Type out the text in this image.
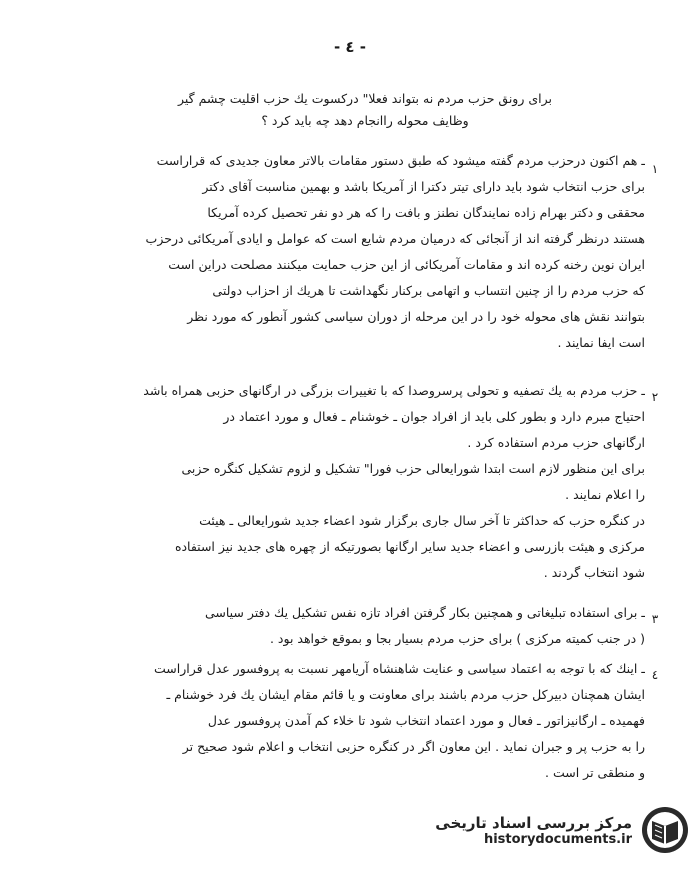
- ٤ -
برای رونق حزب مردم نه بتواند فعلا" درکسوت یك حزب اقلیت چشم گیر
وظایف محوله راانجام دهد چه باید کرد ؟
١
ـ هم اکنون درحزب مردم گفته میشود که طبق دستور مقامات بالاتر معاون جدیدی که قراراست
برای حزب انتخاب شود باید دارای تیتر دکترا از آمریکا باشد و بهمین مناسبت آقای دکتر
محققی و دکتر بهرام زاده نمایندگان نطنز و بافت را که هر دو نفر تحصیل کرده آمریکا
هستند درنظر گرفته اند از آنجائی که درمیان مردم شایع است که عوامل و ایادی آمریکائی درحزب
ایران نوین رخنه کرده اند و مقامات آمریکائی از این حزب حمایت میکنند مصلحت دراین است
که حزب مردم را از چنین انتساب و اتهامی برکنار نگهداشت تا هریك از احزاب دولتی
بتوانند نقش های محوله خود را در این مرحله از دوران سیاسی کشور آنطور که مورد نظر
است ایفا نمایند .
٢
ـ حزب مردم به یك تصفیه و تحولی پرسروصدا که با تغییرات بزرگی در ارگانهای حزبی همراه باشد
احتیاج مبرم دارد و بطور کلی باید از افراد جوان ـ خوشنام ـ فعال و مورد اعتماد در
ارگانهای حزب مردم استفاده کرد .
برای این منظور لازم است ابتدا شورایعالی حزب فورا" تشکیل و لزوم تشکیل کنگره حزبی
را اعلام نمایند .
در کنگره حزب که حداکثر تا آخر سال جاری برگزار شود اعضاء جدید شورایعالی ـ هیئت
مرکزی و هیئت بازرسی و اعضاء جدید سایر ارگانها بصورتیکه از چهره های جدید نیز استفاده
شود انتخاب گردند .
٣
ـ برای استفاده تبلیغاتی و همچنین بکار گرفتن افراد تازه نفس تشکیل یك دفتر سیاسی
( در جنب کمیته مرکزی ) برای حزب مردم بسیار بجا و بموقع خواهد بود .
٤
ـ اینك که با توجه به اعتماد سیاسی و عنایت شاهنشاه آریامهر نسبت به پروفسور عدل قراراست
ایشان همچنان دبیرکل حزب مردم باشند برای معاونت و یا قائم مقام ایشان یك فرد خوشنام ـ
فهمیده ـ ارگانیزاتور ـ فعال و مورد اعتماد انتخاب شود تا خلاء کم آمدن پروفسور عدل
را به حزب پر و جبران نماید . این معاون اگر در کنگره حزبی انتخاب و اعلام شود صحیح تر
و منطقی تر است .
مرکز بررسی اسناد تاریخی
historydocuments.ir
